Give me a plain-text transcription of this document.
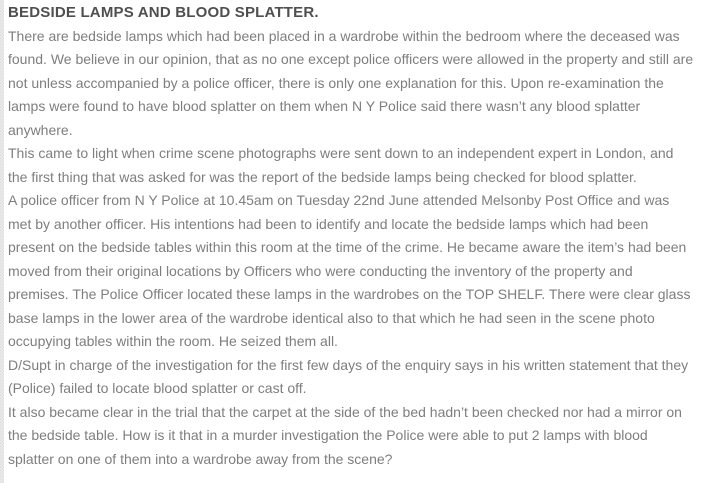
BEDSIDE LAMPS AND BLOOD SPLATTER.

There are bedside lamps which had been placed in a wardrobe within the bedroom where the deceased was found. We believe in our opinion, that as no one except police officers were allowed in the property and still are not unless accompanied by a police officer, there is only one explanation for this. Upon re-examination the lamps were found to have blood splatter on them when N Y Police said there wasn’t any blood splatter anywhere.

This came to light when crime scene photographs were sent down to an independent expert in London, and the first thing that was asked for was the report of the bedside lamps being checked for blood splatter.

A police officer from N Y Police at 10.45am on Tuesday 22nd June attended Melsonby Post Office and was met by another officer. His intentions had been to identify and locate the bedside lamps which had been present on the bedside tables within this room at the time of the crime. He became aware the item’s had been moved from their original locations by Officers who were conducting the inventory of the property and premises. The Police Officer located these lamps in the wardrobes on the TOP SHELF. There were clear glass base lamps in the lower area of the wardrobe identical also to that which he had seen in the scene photo occupying tables within the room. He seized them all.

D/Supt in charge of the investigation for the first few days of the enquiry says in his written statement that they (Police) failed to locate blood splatter or cast off.

It also became clear in the trial that the carpet at the side of the bed hadn’t been checked nor had a mirror on the bedside table. How is it that in a murder investigation the Police were able to put 2 lamps with blood splatter on one of them into a wardrobe away from the scene?
